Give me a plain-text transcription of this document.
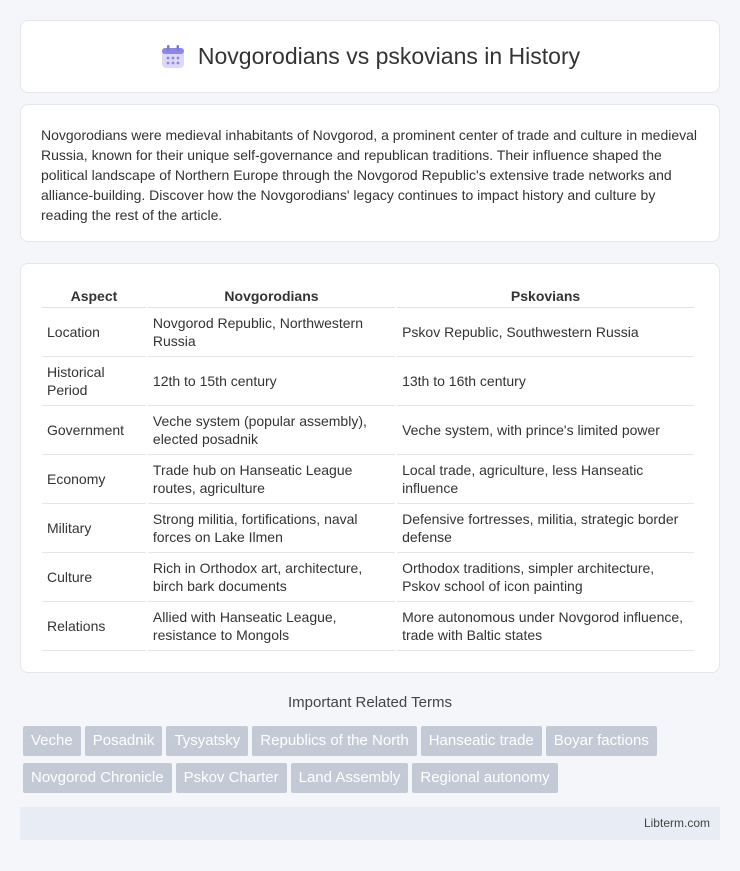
Novgorodians vs pskovians in History

Novgorodians were medieval inhabitants of Novgorod, a prominent center of trade and culture in medieval Russia, known for their unique self-governance and republican traditions. Their influence shaped the political landscape of Northern Europe through the Novgorod Republic's extensive trade networks and alliance-building. Discover how the Novgorodians' legacy continues to impact history and culture by reading the rest of the article.

Aspect	Novgorodians	Pskovians
Location	Novgorod Republic, Northwestern Russia	Pskov Republic, Southwestern Russia
Historical Period	12th to 15th century	13th to 16th century
Government	Veche system (popular assembly), elected posadnik	Veche system, with prince's limited power
Economy	Trade hub on Hanseatic League routes, agriculture	Local trade, agriculture, less Hanseatic influence
Military	Strong militia, fortifications, naval forces on Lake Ilmen	Defensive fortresses, militia, strategic border defense
Culture	Rich in Orthodox art, architecture, birch bark documents	Orthodox traditions, simpler architecture, Pskov school of icon painting
Relations	Allied with Hanseatic League, resistance to Mongols	More autonomous under Novgorod influence, trade with Baltic states
Important Related Terms
Veche Posadnik Tysyatsky Republics of the North Hanseatic trade Boyar factions
Novgorod Chronicle Pskov Charter Land Assembly Regional autonomy
Libterm.com
